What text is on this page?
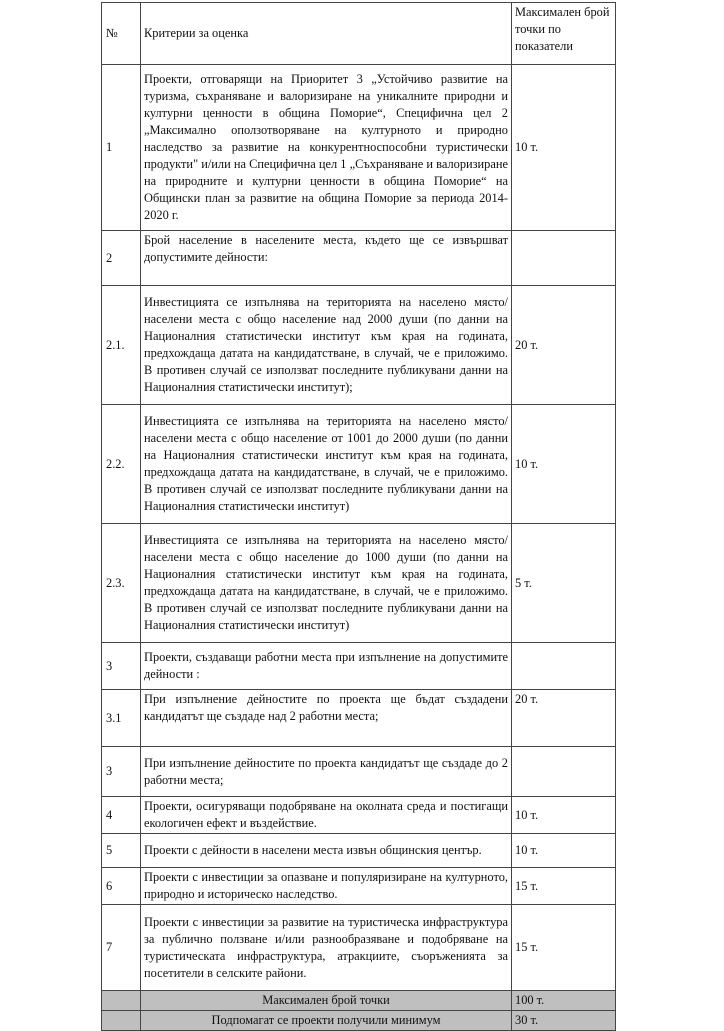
№	Критерии за оценка	Максимален брой точки по показатели
1	Проекти, отговарящи на Приоритет 3 „Устойчиво развитие на туризма, съхраняване и валоризиране на уникалните природни и културни ценности в община Поморие“, Специфична цел 2 „Максимално оползотворяване на културното и природно наследство за развитие на конкурентноспособни туристически продукти" и/или на Специфична цел 1 „Съхраняване и валоризиране на природните и културни ценности в община Поморие“ на Общински план за развитие на община Поморие за периода 2014-2020 г.	10 т.
2	Брой население в населените места, където ще се извършват допустимите дейности:	
2.1.	Инвестицията се изпълнява на територията на населено място/населени места с общо население над 2000 души (по данни на Националния статистически институт към края на годината, предхождаща датата на кандидатстване, в случай, че е приложимо. В противен случай се използват последните публикувани данни на Националния статистически институт);	20 т.
2.2.	Инвестицията се изпълнява на територията на населено място/населени места с общо население от 1001 до 2000 души (по данни на Националния статистически институт към края на годината, предхождаща датата на кандидатстване, в случай, че е приложимо. В противен случай се използват последните публикувани данни на Националния статистически институт)	10 т.
2.3.	Инвестицията се изпълнява на територията на населено място/населени места с общо население до 1000 души (по данни на Националния статистически институт към края на годината, предхождаща датата на кандидатстване, в случай, че е приложимо. В противен случай се използват последните публикувани данни на Националния статистически институт)	5 т.
3	Проекти, създаващи работни места при изпълнение на допустимите дейности :	
3.1	При изпълнение дейностите по проекта ще бъдат създадени кандидатът ще създаде над 2 работни места;	20 т.
3	При изпълнение дейностите по проекта кандидатът ще създаде до 2 работни места;	
4	Проекти, осигуряващи подобряване на околната среда и постигащи екологичен ефект и въздействие.	10 т.
5	Проекти с дейности в населени места извън общинския център.	10 т.
6	Проекти с инвестиции за опазване и популяризиране на културното, природно и историческо наследство.	15 т.
7	Проекти с инвестиции за развитие на туристическа инфраструктура за публично ползване и/или разнообразяване и подобряване на туристическата инфраструктура, атракциите, съоръженията за посетители в селските райони.	15 т.
	Максимален брой точки	100 т.
	Подпомагат се проекти получили минимум	30 т.
